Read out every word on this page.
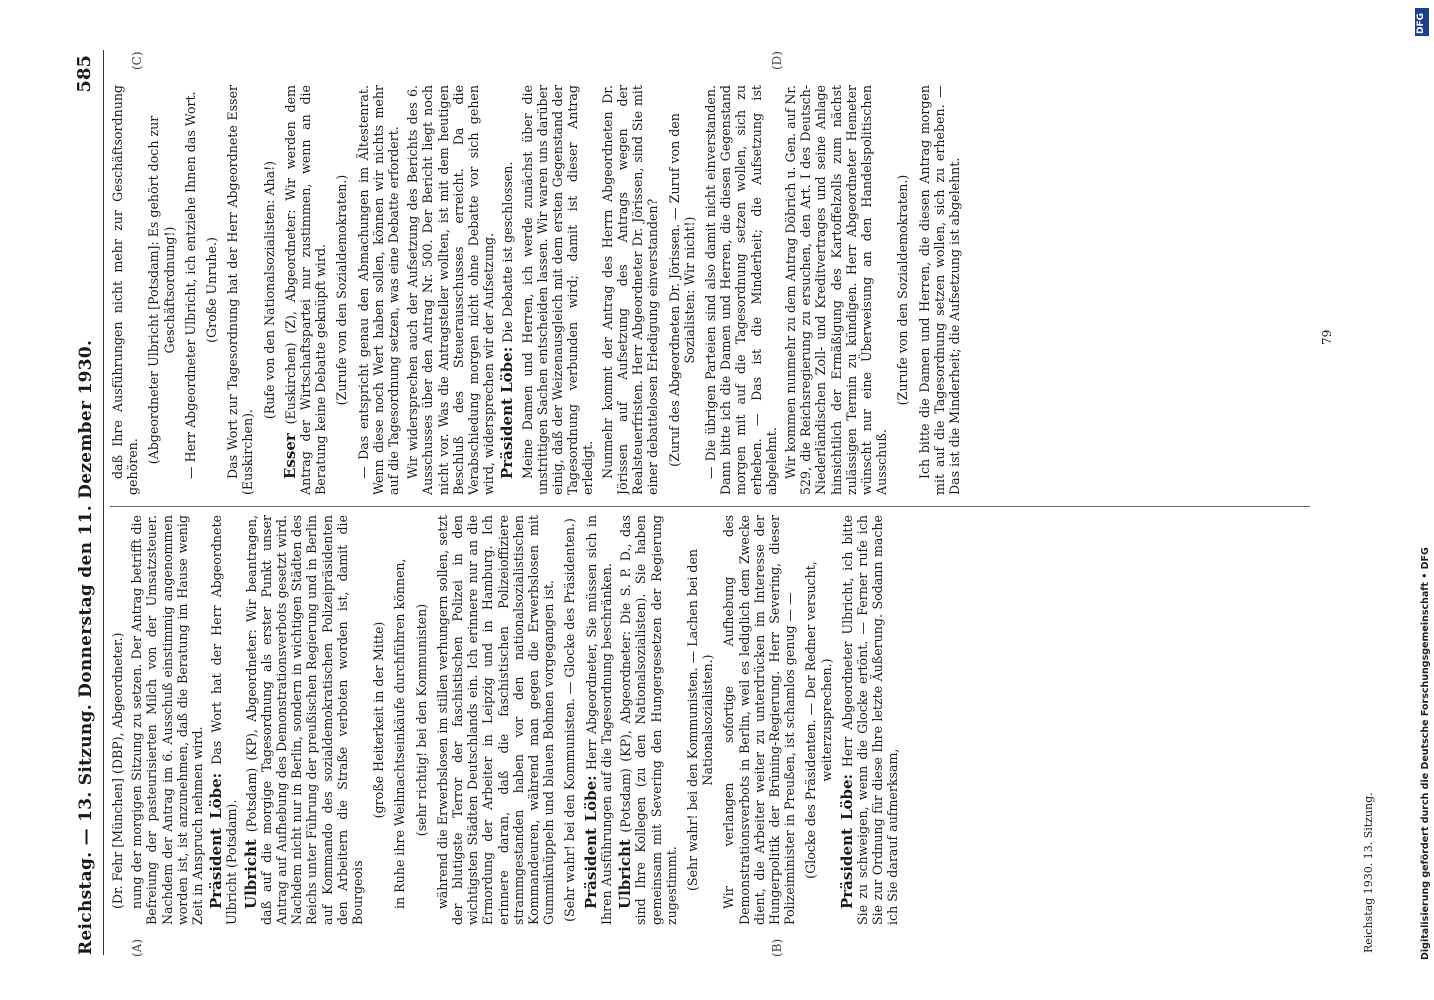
Reichstag. — 13. Sitzung. Donnerstag den 11. Dezember 1930.
585
(A)	(B)
(C)	(D)

(Dr. Fehr [München] (DBP), Abgeordneter.) nung der morgigen Sitzung zu setzen. Der Antrag betrifft die Befreiung der pasteurisierten Milch von der Umsatzsteuer. Nachdem der Antrag im 6. Ausschuß einstimmig angenommen worden ist, ist anzunehmen, daß die Beratung im Hause wenig Zeit in Anspruch nehmen wird. Präsident Löbe: Das Wort hat der Herr Abgeordnete Ulbricht (Potsdam). Ulbricht (Potsdam) (KP), Abgeordneter: Wir beantragen, daß auf die morgige Tagesordnung als erster Punkt unser Antrag auf Aufhebung des Demonstrationsverbots gesetzt wird. Nachdem nicht nur in Berlin, sondern in wichtigen Städten des Reichs unter Führung der preußischen Regierung und in Berlin auf Kommando des sozialdemokratischen Polizeipräsidenten den Arbeitern die Straße verboten worden ist, damit die Bourgeois

(große Heiterkeit in der Mitte) in Ruhe ihre Weihnachtseinkäufe durchführen können, (sehr richtig! bei den Kommunisten) während die Erwerbslosen im stillen verhungern sollen, setzt der blutigste Terror der faschistischen Polizei in den wichtigsten Städten Deutschlands ein. Ich erinnere nur an die Ermordung der Arbeiter in Leipzig und in Hamburg. Ich erinnere daran, daß die faschistischen Polizeioffiziere strammgestanden haben vor den nationalsozialistischen Kommandeuren, während man gegen die Erwerbslosen mit Gummiknüppeln und blauen Bohnen vorgegangen ist. (Sehr wahr! bei den Kommunisten. — Glocke des Präsidenten.) Präsident Löbe: Herr Abgeordneter, Sie müssen sich in Ihren Ausführungen auf die Tagesordnung beschränken. Ulbricht (Potsdam) (KP), Abgeordneter: Die S. P. D., das sind Ihre Kollegen (zu den Nationalsozialisten). Sie haben gemeinsam mit Severing den Hungergesetzen der Regierung zugestimmt. (Sehr wahr! bei den Kommunisten. — Lachen bei den Nationalsozialisten.) Wir verlangen sofortige Aufhebung des Demonstrationsverbots in Berlin, weil es lediglich dem Zwecke dient, die Arbeiter weiter zu unterdrücken im Interesse der Hungerpolitik der Brüning-Regierung. Herr Severing, dieser Polizeiminister in Preußen, ist schamlos genug — — (Glocke des Präsidenten. — Der Redner versucht, weiterzusprechen.)

Präsident Löbe: Herr Abgeordneter Ulbricht, ich bitte Sie zu schweigen, wenn die Glocke ertönt. — Ferner rufe ich Sie zur Ordnung für diese Ihre letzte Äußerung. Sodann mache ich Sie darauf aufmerksam,

daß Ihre Ausführungen nicht mehr zur Geschäftsordnung gehören.

(Abgeordneter Ulbricht [Potsdam]: Es gehört doch zur Geschäftsordnung!) — Herr Abgeordneter Ulbricht, ich entziehe Ihnen das Wort. (Große Unruhe.) Das Wort zur Tagesordnung hat der Herr Abgeordnete Esser (Euskirchen).

(Rufe von den Nationalsozialisten: Aha!)

Esser (Euskirchen) (Z), Abgeordneter: Wir werden dem Antrag der Wirtschaftspartei nur zustimmen, wenn an die Beratung keine Debatte geknüpft wird. (Zurufe von den Sozialdemokraten.) — Das entspricht genau den Abmachungen im Ältestenrat. Wenn diese noch Wert haben sollen, können wir nichts mehr auf die Tagesordnung setzen, was eine Debatte erfordert. Wir widersprechen auch der Aufsetzung des Berichts des 6. Ausschusses über den Antrag Nr. 500. Der Bericht liegt noch nicht vor. Was die Antragsteller wollten, ist mit dem heutigen Beschluß des Steuerausschusses erreicht. Da die Verabschiedung morgen nicht ohne Debatte vor sich gehen wird, widersprechen wir der Aufsetzung. Präsident Löbe: Die Debatte ist geschlossen. Meine Damen und Herren, ich werde zunächst über die unstrittigen Sachen entscheiden lassen. Wir waren uns darüber einig, daß der Weizenausgleich mit dem ersten Gegenstand der Tagesordnung verbunden wird; damit ist dieser Antrag erledigt. Nunmehr kommt der Antrag des Herrn Abgeordneten Dr. Jörissen auf Aufsetzung des Antrags wegen der Realsteuerfristen. Herr Abgeordneter Dr. Jörissen, sind Sie mit einer debattelosen Erledigung einverstanden? (Zuruf des Abgeordneten Dr. Jörissen. — Zuruf von den Sozialisten: Wir nicht!) — Die übrigen Parteien sind also damit nicht einverstanden. Dann bitte ich die Damen und Herren, die diesen Gegenstand morgen mit auf die Tagesordnung setzen wollen, sich zu erheben. — Das ist die Minderheit; die Aufsetzung ist abgelehnt. Wir kommen nunmehr zu dem Antrag Döbrich u. Gen. auf Nr. 529, die Reichsregierung zu ersuchen, den Art. I des Deutsch-Niederländischen Zoll- und Kreditvertrages und seine Anlage hinsichtlich der Ermäßigung des Kartoffelzolls zum nächst zulässigen Termin zu kündigen. Herr Abgeordneter Hemeter wünscht nur eine Überweisung an den Handelspolitischen Ausschuß.

(Zurufe von den Sozialdemokraten.) Ich bitte die Damen und Herren, die diesen Antrag morgen mit auf die Tagesordnung setzen wollen, sich zu erheben. — Das ist die Minderheit; die Aufsetzung ist abgelehnt.

Reichstag 1930. 13. Sitzung.
79
Digitalisierung gefördert durch die Deutsche Forschungsgemeinschaft • DFG
DFG
